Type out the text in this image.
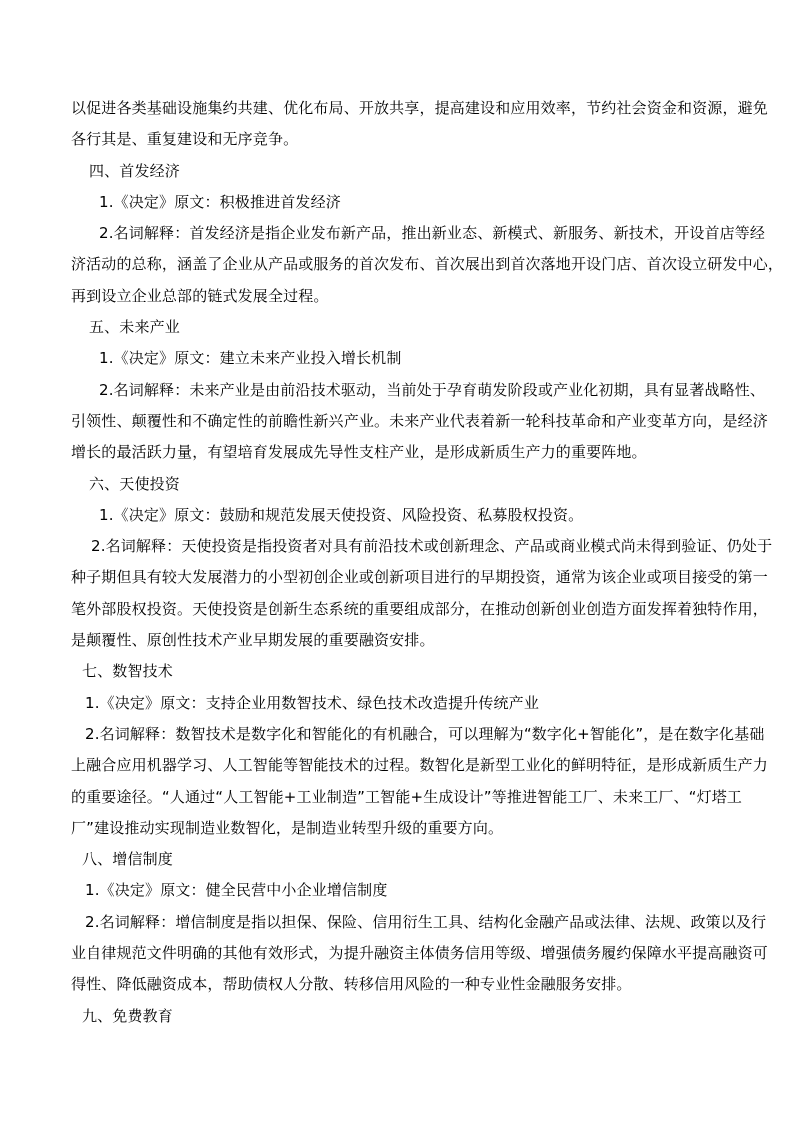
以促进各类基础设施集约共建、优化布局、开放共享，提高建设和应用效率，节约社会资金和资源，避免
各行其是、重复建设和无序竞争。
四、首发经济
1.《决定》原文：积极推进首发经济
2.名词解释：首发经济是指企业发布新产品，推出新业态、新模式、新服务、新技术，开设首店等经
济活动的总称，涵盖了企业从产品或服务的首次发布、首次展出到首次落地开设门店、首次设立研发中心，
再到设立企业总部的链式发展全过程。
五、未来产业
1.《决定》原文：建立未来产业投入增长机制
2.名词解释：未来产业是由前沿技术驱动，当前处于孕育萌发阶段或产业化初期，具有显著战略性、
引领性、颠覆性和不确定性的前瞻性新兴产业。未来产业代表着新一轮科技革命和产业变革方向，是经济
增长的最活跃力量，有望培育发展成先导性支柱产业，是形成新质生产力的重要阵地。
六、天使投资
1.《决定》原文：鼓励和规范发展天使投资、风险投资、私募股权投资。
2.名词解释：天使投资是指投资者对具有前沿技术或创新理念、产品或商业模式尚未得到验证、仍处于
种子期但具有较大发展潜力的小型初创企业或创新项目进行的早期投资，通常为该企业或项目接受的第一
笔外部股权投资。天使投资是创新生态系统的重要组成部分，在推动创新创业创造方面发挥着独特作用，
是颠覆性、原创性技术产业早期发展的重要融资安排。
七、数智技术
1.《决定》原文：支持企业用数智技术、绿色技术改造提升传统产业
2.名词解释：数智技术是数字化和智能化的有机融合，可以理解为“数字化+智能化”，是在数字化基础
上融合应用机器学习、人工智能等智能技术的过程。数智化是新型工业化的鲜明特征，是形成新质生产力
的重要途径。“人通过“人工智能+工业制造”工智能+生成设计”等推进智能工厂、未来工厂、“灯塔工
厂”建设推动实现制造业数智化，是制造业转型升级的重要方向。
八、增信制度
1.《决定》原文：健全民营中小企业增信制度
2.名词解释：增信制度是指以担保、保险、信用衍生工具、结构化金融产品或法律、法规、政策以及行
业自律规范文件明确的其他有效形式，为提升融资主体债务信用等级、增强债务履约保障水平提高融资可
得性、降低融资成本，帮助债权人分散、转移信用风险的一种专业性金融服务安排。
九、免费教育
